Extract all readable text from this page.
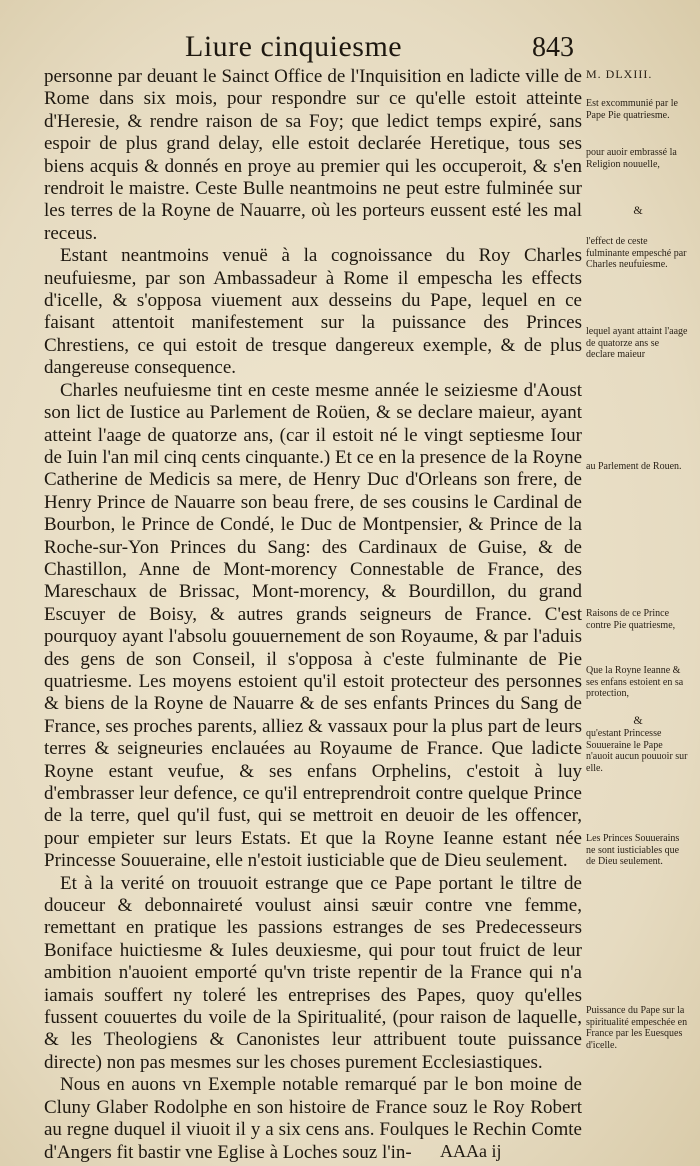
Liure cinquiesme	843

personne par deuant le Sainct Office de l'Inquisition en ladicte ville de Rome dans six mois, pour respondre sur ce qu'elle estoit atteinte d'Heresie, & rendre raison de sa Foy; que ledict temps expiré, sans espoir de plus grand delay, elle estoit declarée Heretique, tous ses biens acquis & donnés en proye au premier qui les occuperoit, & s'en rendroit le maistre. Ceste Bulle neantmoins ne peut estre fulminée sur les terres de la Royne de Nauarre, où les porteurs eussent esté les mal receus.

Estant neantmoins venuë à la cognoissance du Roy Charles neufuiesme, par son Ambassadeur à Rome il empescha les effects d'icelle, & s'opposa viuement aux desseins du Pape, lequel en ce faisant attentoit manifestement sur la puissance des Princes Chrestiens, ce qui estoit de tresque dangereux exemple, & de plus dangereuse consequence.

Charles neufuiesme tint en ceste mesme année le seiziesme d'Aoust son lict de Iustice au Parlement de Roüen, & se declare maieur, ayant atteint l'aage de quatorze ans, (car il estoit né le vingt septiesme Iour de Iuin l'an mil cinq cents cinquante.) Et ce en la presence de la Royne Catherine de Medicis sa mere, de Henry Duc d'Orleans son frere, de Henry Prince de Nauarre son beau frere, de ses cousins le Cardinal de Bourbon, le Prince de Condé, le Duc de Montpensier, & Prince de la Roche-sur-Yon Princes du Sang: des Cardinaux de Guise, & de Chastillon, Anne de Mont-morency Connestable de France, des Mareschaux de Brissac, Mont-morency, & Bourdillon, du grand Escuyer de Boisy, & autres grands seigneurs de France. C'est pourquoy ayant l'absolu gouuernement de son Royaume, & par l'aduis des gens de son Conseil, il s'opposa à c'este fulminante de Pie quatriesme. Les moyens estoient qu'il estoit protecteur des personnes & biens de la Royne de Nauarre & de ses enfants Princes du Sang de France, ses proches parents, alliez & vassaux pour la plus part de leurs terres & seigneuries enclauées au Royaume de France. Que ladicte Royne estant veufue, & ses enfans Orphelins, c'estoit à luy d'embrasser leur defence, ce qu'il entreprendroit contre quelque Prince de la terre, quel qu'il fust, qui se mettroit en deuoir de les offencer, pour empieter sur leurs Estats. Et que la Royne Ieanne estant née Princesse Souueraine, elle n'estoit iusticiable que de Dieu seulement.

Et à la verité on trouuoit estrange que ce Pape portant le tiltre de douceur & debonnaireté voulust ainsi sæuir contre vne femme, remettant en pratique les passions estranges de ses Predecesseurs Boniface huictiesme & Iules deuxiesme, qui pour tout fruict de leur ambition n'auoient emporté qu'vn triste repentir de la France qui n'a iamais souffert ny toleré les entreprises des Papes, quoy qu'elles fussent couuertes du voile de la Spiritualité, (pour raison de laquelle, & les Theologiens & Canonistes leur attribuent toute puissance directe) non pas mesmes sur les choses purement Ecclesiastiques.

Nous en auons vn Exemple notable remarqué par le bon moine de Cluny Glaber Rodolphe en son histoire de France souz le Roy Robert au regne duquel il viuoit il y a six cens ans. Foulques le Rechin Comte d'Angers fit bastir vne Eglise à Loches souz l'in-

M. DLXIII.
Est excommunié par le Pape Pie quatriesme.
pour auoir embrassé la Religion nouuelle,
&
l'effect de ceste fulminante empesché par Charles neufuiesme.
lequel ayant attaint l'aage de quatorze ans se declare maieur
au Parlement de Rouen.
Raisons de ce Prince contre Pie quatriesme,
Que la Royne Ieanne & ses enfans estoient en sa protection,
&
qu'estant Princesse Souueraine le Pape n'auoit aucun pouuoir sur elle.
Les Princes Souuerains ne sont iusticiables que de Dieu seulement.
Puissance du Pape sur la spiritualité empeschée en France par les Euesques d'icelle.
AAAa ij
